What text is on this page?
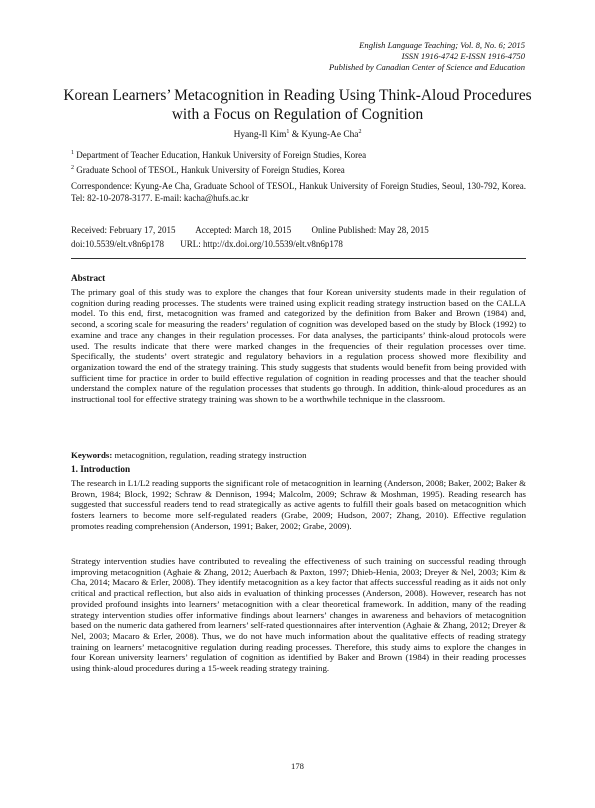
English Language Teaching; Vol. 8, No. 6; 2015
ISSN 1916-4742 E-ISSN 1916-4750
Published by Canadian Center of Science and Education
Korean Learners’ Metacognition in Reading Using Think-Aloud Procedures with a Focus on Regulation of Cognition
Hyang-Il Kim$^1$ & Kyung-Ae Cha$^2$
$^1$ Department of Teacher Education, Hankuk University of Foreign Studies, Korea
$^2$ Graduate School of TESOL, Hankuk University of Foreign Studies, Korea
Correspondence: Kyung-Ae Cha, Graduate School of TESOL, Hankuk University of Foreign Studies, Seoul, 130-792, Korea. Tel: 82-10-2078-3177. E-mail: kacha@hufs.ac.kr
Received: February 17, 2015 Accepted: March 18, 2015 Online Published: May 28, 2015
doi:10.5539/elt.v8n6p178 URL: http://dx.doi.org/10.5539/elt.v8n6p178
Abstract
The primary goal of this study was to explore the changes that four Korean university students made in their regulation of cognition during reading processes. The students were trained using explicit reading strategy instruction based on the CALLA model. To this end, first, metacognition was framed and categorized by the definition from Baker and Brown (1984) and, second, a scoring scale for measuring the readers’ regulation of cognition was developed based on the study by Block (1992) to examine and trace any changes in their regulation processes. For data analyses, the participants’ think-aloud protocols were used. The results indicate that there were marked changes in the frequencies of their regulation processes over time. Specifically, the students’ overt strategic and regulatory behaviors in a regulation process showed more flexibility and organization toward the end of the strategy training. This study suggests that students would benefit from being provided with sufficient time for practice in order to build effective regulation of cognition in reading processes and that the teacher should understand the complex nature of the regulation processes that students go through. In addition, think-aloud procedures as an instructional tool for effective strategy training was shown to be a worthwhile technique in the classroom.
Keywords: metacognition, regulation, reading strategy instruction
1. Introduction
The research in L1/L2 reading supports the significant role of metacognition in learning (Anderson, 2008; Baker, 2002; Baker & Brown, 1984; Block, 1992; Schraw & Dennison, 1994; Malcolm, 2009; Schraw & Moshman, 1995). Reading research has suggested that successful readers tend to read strategically as active agents to fulfill their goals based on metacognition which fosters learners to become more self-regulated readers (Grabe, 2009; Hudson, 2007; Zhang, 2010). Effective regulation promotes reading comprehension (Anderson, 1991; Baker, 2002; Grabe, 2009).
Strategy intervention studies have contributed to revealing the effectiveness of such training on successful reading through improving metacognition (Aghaie & Zhang, 2012; Auerbach & Paxton, 1997; Dhieb-Henia, 2003; Dreyer & Nel, 2003; Kim & Cha, 2014; Macaro & Erler, 2008). They identify metacognition as a key factor that affects successful reading as it aids not only critical and practical reflection, but also aids in evaluation of thinking processes (Anderson, 2008). However, research has not provided profound insights into learners’ metacognition with a clear theoretical framework. In addition, many of the reading strategy intervention studies offer informative findings about learners’ changes in awareness and behaviors of metacognition based on the numeric data gathered from learners’ self-rated questionnaires after intervention (Aghaie & Zhang, 2012; Dreyer & Nel, 2003; Macaro & Erler, 2008). Thus, we do not have much information about the qualitative effects of reading strategy training on learners’ metacognitive regulation during reading processes. Therefore, this study aims to explore the changes in four Korean university learners’ regulation of cognition as identified by Baker and Brown (1984) in their reading processes using think-aloud procedures during a 15-week reading strategy training.
178
